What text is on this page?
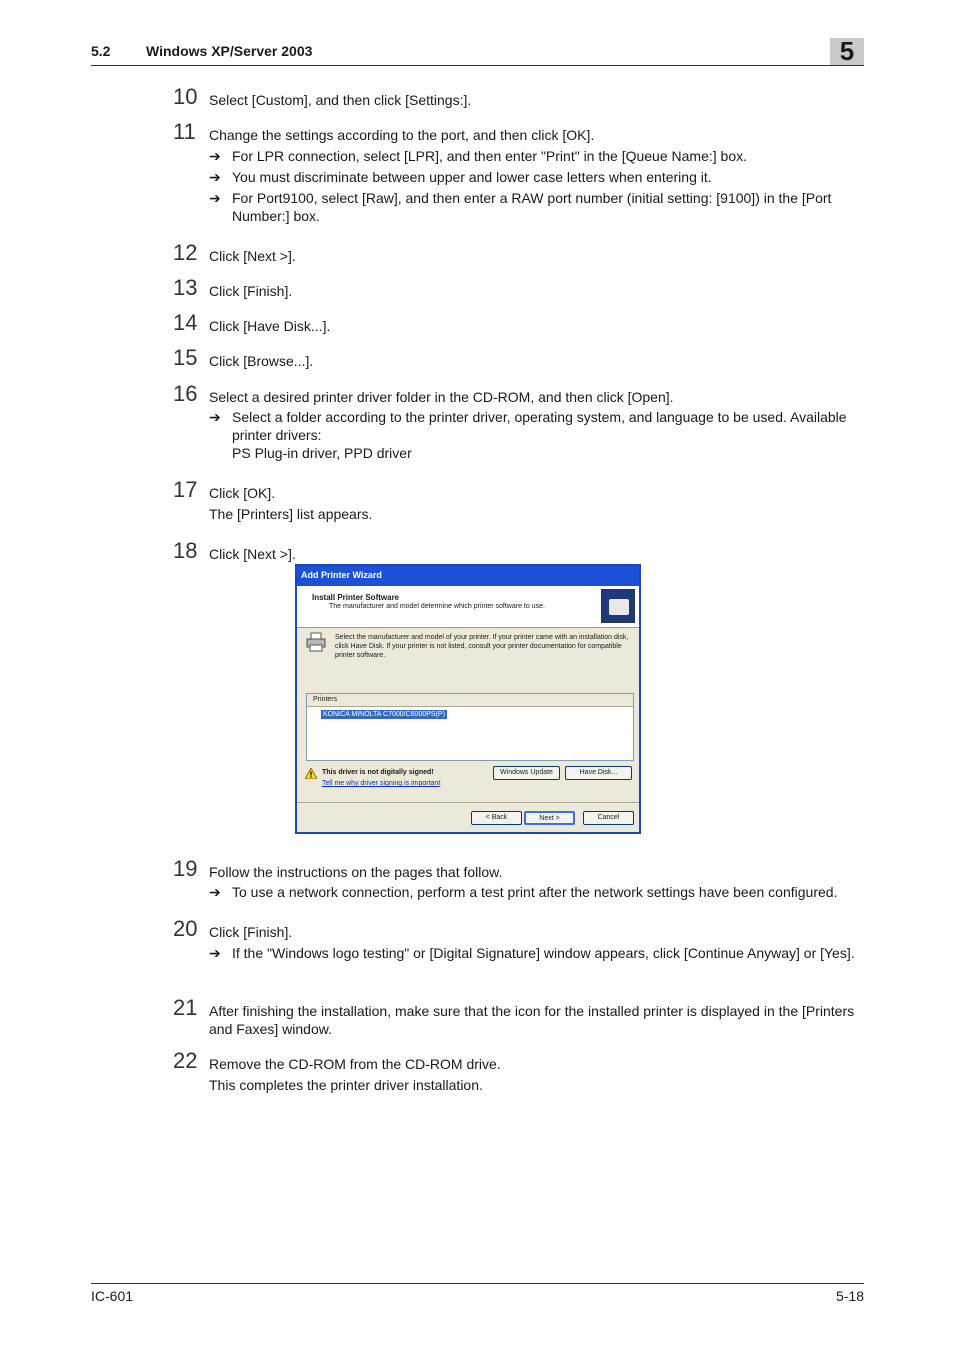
5.2	Windows XP/Server 2003	5
10 Select [Custom], and then click [Settings:].
11 Change the settings according to the port, and then click [OK].
➔ For LPR connection, select [LPR], and then enter "Print" in the [Queue Name:] box.
➔ You must discriminate between upper and lower case letters when entering it.
➔ For Port9100, select [Raw], and then enter a RAW port number (initial setting: [9100]) in the [Port Number:] box.
12 Click [Next >].
13 Click [Finish].
14 Click [Have Disk...].
15 Click [Browse...].
16 Select a desired printer driver folder in the CD-ROM, and then click [Open].
➔ Select a folder according to the printer driver, operating system, and language to be used. Available printer drivers:
PS Plug-in driver, PPD driver
17 Click [OK].
The [Printers] list appears.
18 Click [Next >].
Add Printer Wizard
Install Printer Software
The manufacturer and model determine which printer software to use.
Select the manufacturer and model of your printer. If your printer came with an installation disk, click Have Disk. If your printer is not listed, consult your printer documentation for compatible printer software.
Printers
KONICA MINOLTA C7000/C6000PS(P)
This driver is not digitally signed!
Tell me why driver signing is important
Windows Update	Have Disk...
< Back	Next >	Cancel
19 Follow the instructions on the pages that follow.
➔ To use a network connection, perform a test print after the network settings have been configured.
20 Click [Finish].
➔ If the "Windows logo testing" or [Digital Signature] window appears, click [Continue Anyway] or [Yes].
21 After finishing the installation, make sure that the icon for the installed printer is displayed in the [Printers and Faxes] window.
22 Remove the CD-ROM from the CD-ROM drive.
This completes the printer driver installation.
IC-601	5-18
